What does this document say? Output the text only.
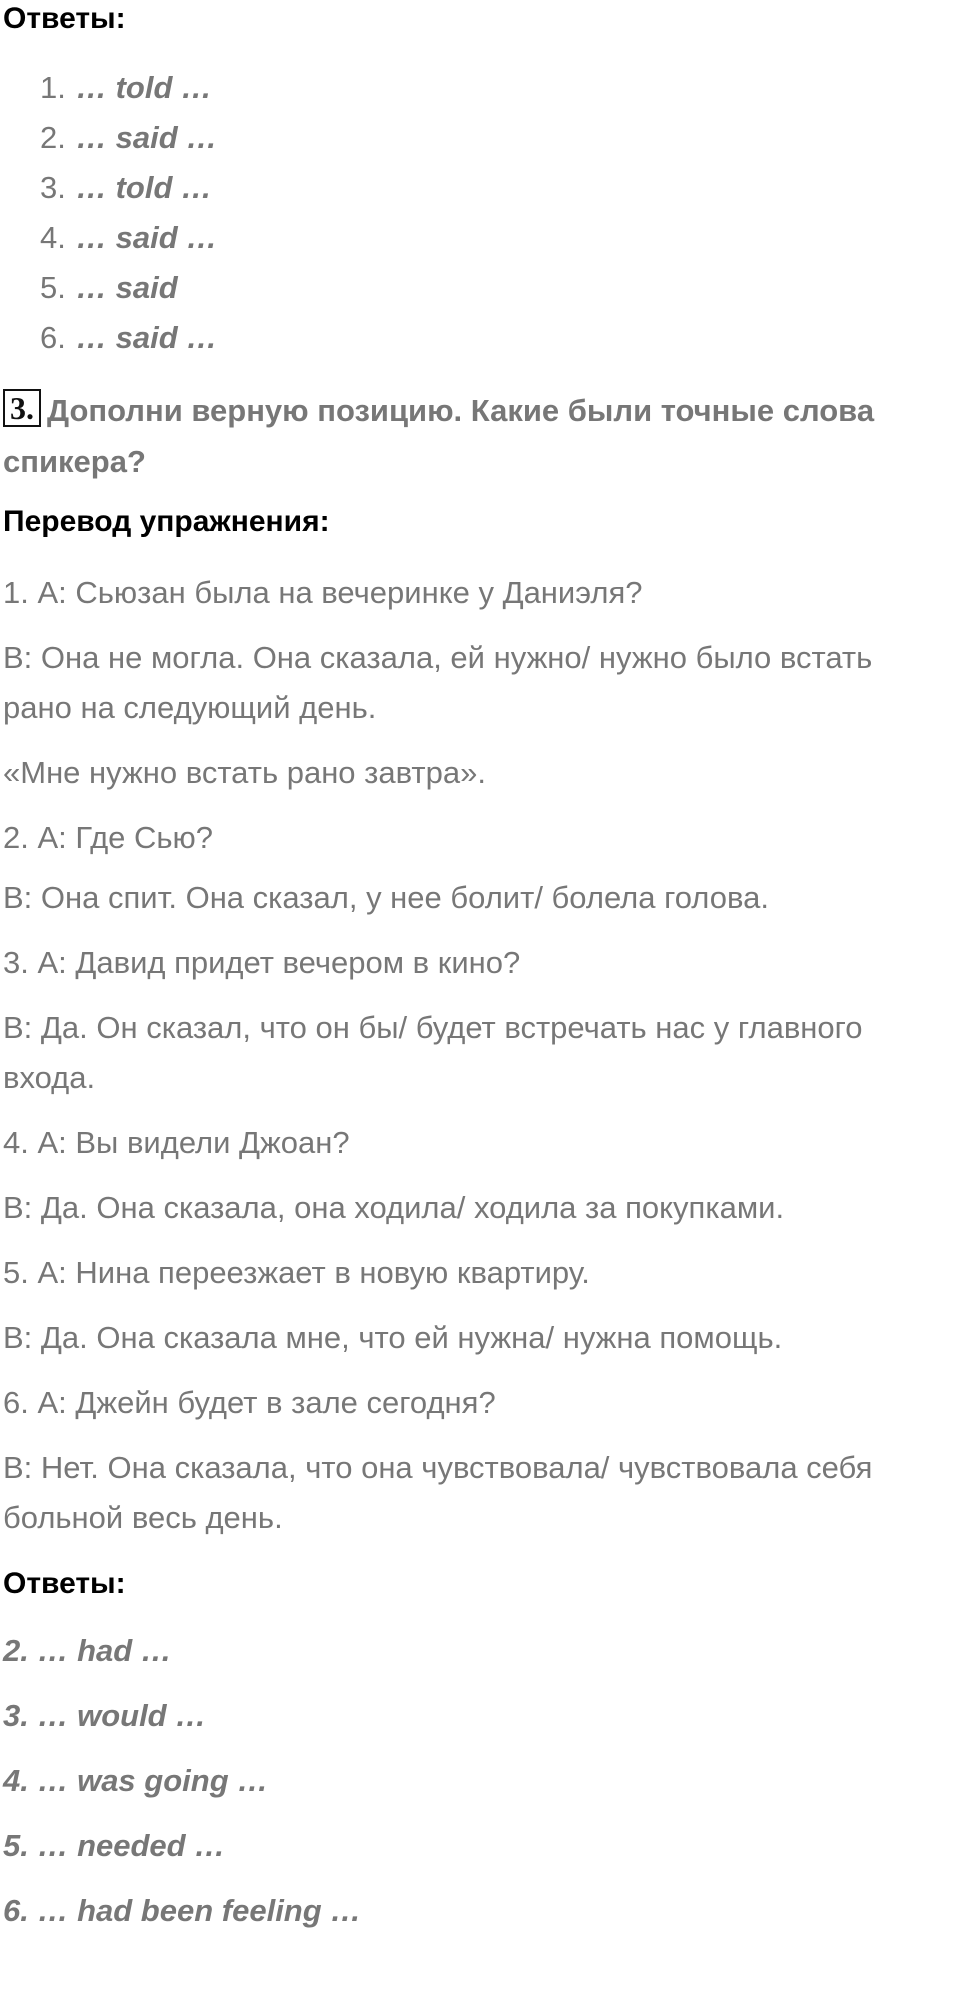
Ответы:
1. … told …
2. … said …
3. … told …
4. … said …
5. … said
6. … said …

3. Дополни верную позицию. Какие были точные слова спикера?

Перевод упражнения:

1. А: Сьюзан была на вечеринке у Даниэля?

В: Она не могла. Она сказала, ей нужно/ нужно было встать рано на следующий день.

«Мне нужно встать рано завтра».

2. А: Где Сью?

В: Она спит. Она сказал, у нее болит/ болела голова.

3. А: Давид придет вечером в кино?

В: Да. Он сказал, что он бы/ будет встречать нас у главного входа.

4. А: Вы видели Джоан?

В: Да. Она сказала, она ходила/ ходила за покупками.

5. А: Нина переезжает в новую квартиру.

В: Да. Она сказала мне, что ей нужна/ нужна помощь.

6. А: Джейн будет в зале сегодня?

В: Нет. Она сказала, что она чувствовала/ чувствовала себя больной весь день.

Ответы:

2. … had …

3. … would …

4. … was going …

5. … needed …

6. … had been feeling …
